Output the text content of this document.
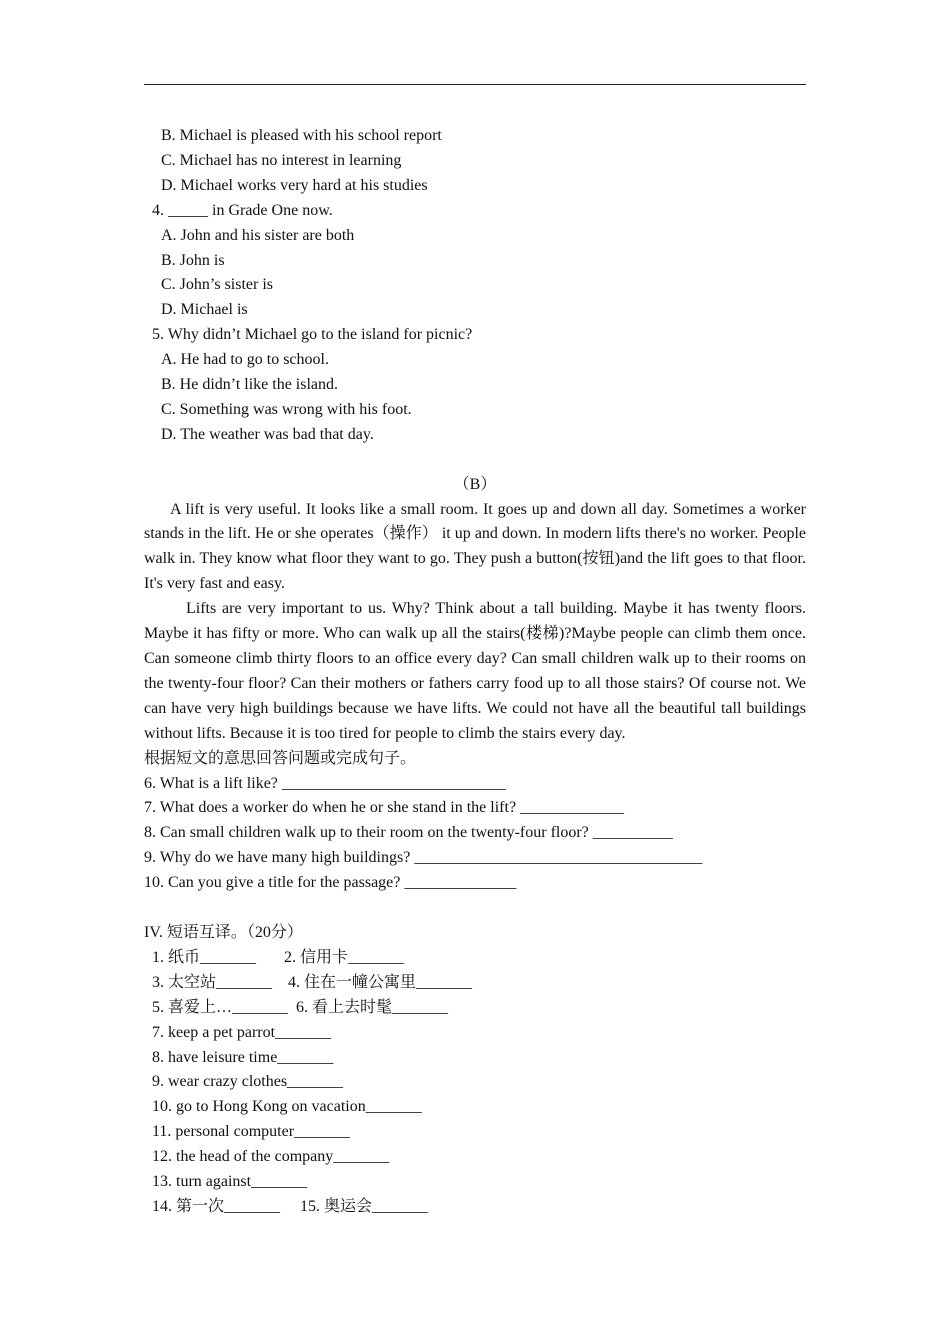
B. Michael is pleased with his school report

C. Michael has no interest in learning

D. Michael works very hard at his studies

4. _____ in Grade One now.

A. John and his sister are both

B. John is

C. John’s sister is

D. Michael is

5. Why didn’t Michael go to the island for picnic?

A. He had to go to school.

B. He didn’t like the island.

C. Something was wrong with his foot.

D. The weather was bad that day.

（B）

A lift is very useful. It looks like a small room. It goes up and down all day. Sometimes a worker stands in the lift. He or she operates（操作） it up and down. In modern lifts there's no worker. People walk in. They know what floor they want to go. They push a button(按钮)and the lift goes to that floor. It's very fast and easy.

Lifts are very important to us. Why? Think about a tall building. Maybe it has twenty floors. Maybe it has fifty or more. Who can walk up all the stairs(楼梯)?Maybe people can climb them once. Can someone climb thirty floors to an office every day? Can small children walk up to their rooms on the twenty-four floor? Can their mothers or fathers carry food up to all those stairs? Of course not. We can have very high buildings because we have lifts. We could not have all the beautiful tall buildings without lifts. Because it is too tired for people to climb the stairs every day.

根据短文的意思回答问题或完成句子。

6. What is a lift like? ____________________________

7. What does a worker do when he or she stand in the lift? _____________

8. Can small children walk up to their room on the twenty-four floor? __________

9. Why do we have many high buildings? ____________________________________

10. Can you give a title for the passage? ______________

IV. 短语互译。（20分）

1. 纸币_______       2. 信用卡_______

3. 太空站_______    4. 住在一幢公寓里_______

5. 喜爱上…_______  6. 看上去时髦_______

7. keep a pet parrot_______

8. have leisure time_______

9. wear crazy clothes_______

10. go to Hong Kong on vacation_______

11. personal computer_______

12. the head of the company_______

13. turn against_______

14. 第一次_______     15. 奥运会_______
